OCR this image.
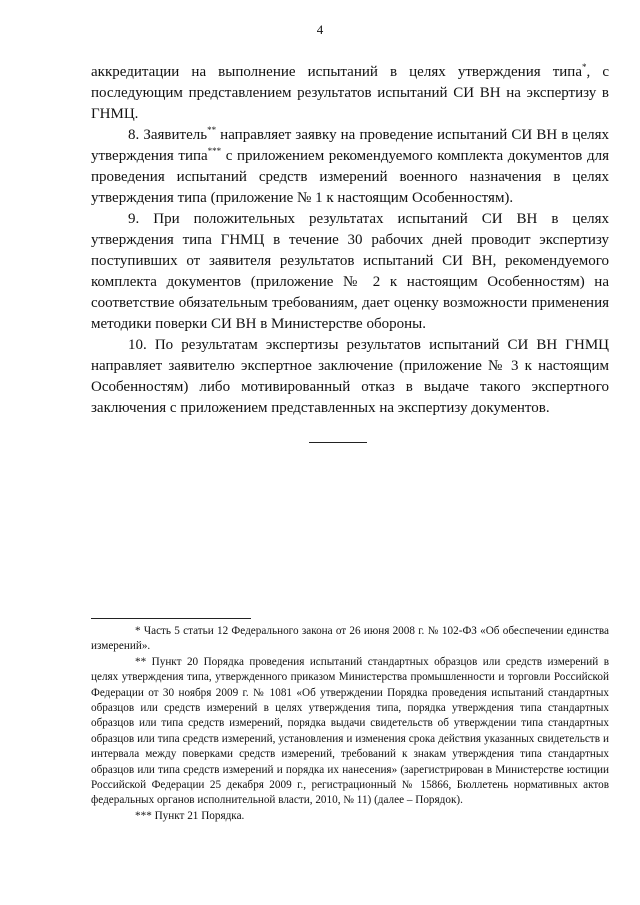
4

аккредитации на выполнение испытаний в целях утверждения типа*, с последующим представлением результатов испытаний СИ ВН на экспертизу в ГНМЦ.

8. Заявитель** направляет заявку на проведение испытаний СИ ВН в целях утверждения типа*** с приложением рекомендуемого комплекта документов для проведения испытаний средств измерений военного назначения в целях утверждения типа (приложение № 1 к настоящим Особенностям).

9. При положительных результатах испытаний СИ ВН в целях утверждения типа ГНМЦ в течение 30 рабочих дней проводит экспертизу поступивших от заявителя результатов испытаний СИ ВН, рекомендуемого комплекта документов (приложение № 2 к настоящим Особенностям) на соответствие обязательным требованиям, дает оценку возможности применения методики поверки СИ ВН в Министерстве обороны.

10. По результатам экспертизы результатов испытаний СИ ВН ГНМЦ направляет заявителю экспертное заключение (приложение № 3 к настоящим Особенностям) либо мотивированный отказ в выдаче такого экспертного заключения с приложением представленных на экспертизу документов.

* Часть 5 статьи 12 Федерального закона от 26 июня 2008 г. № 102-ФЗ «Об обеспечении единства измерений».

** Пункт 20 Порядка проведения испытаний стандартных образцов или средств измерений в целях утверждения типа, утвержденного приказом Министерства промышленности и торговли Российской Федерации от 30 ноября 2009 г. № 1081 «Об утверждении Порядка проведения испытаний стандартных образцов или средств измерений в целях утверждения типа, порядка утверждения типа стандартных образцов или типа средств измерений, порядка выдачи свидетельств об утверждении типа стандартных образцов или типа средств измерений, установления и изменения срока действия указанных свидетельств и интервала между поверками средств измерений, требований к знакам утверждения типа стандартных образцов или типа средств измерений и порядка их нанесения» (зарегистрирован в Министерстве юстиции Российской Федерации 25 декабря 2009 г., регистрационный № 15866, Бюллетень нормативных актов федеральных органов исполнительной власти, 2010, № 11) (далее – Порядок).

*** Пункт 21 Порядка.
